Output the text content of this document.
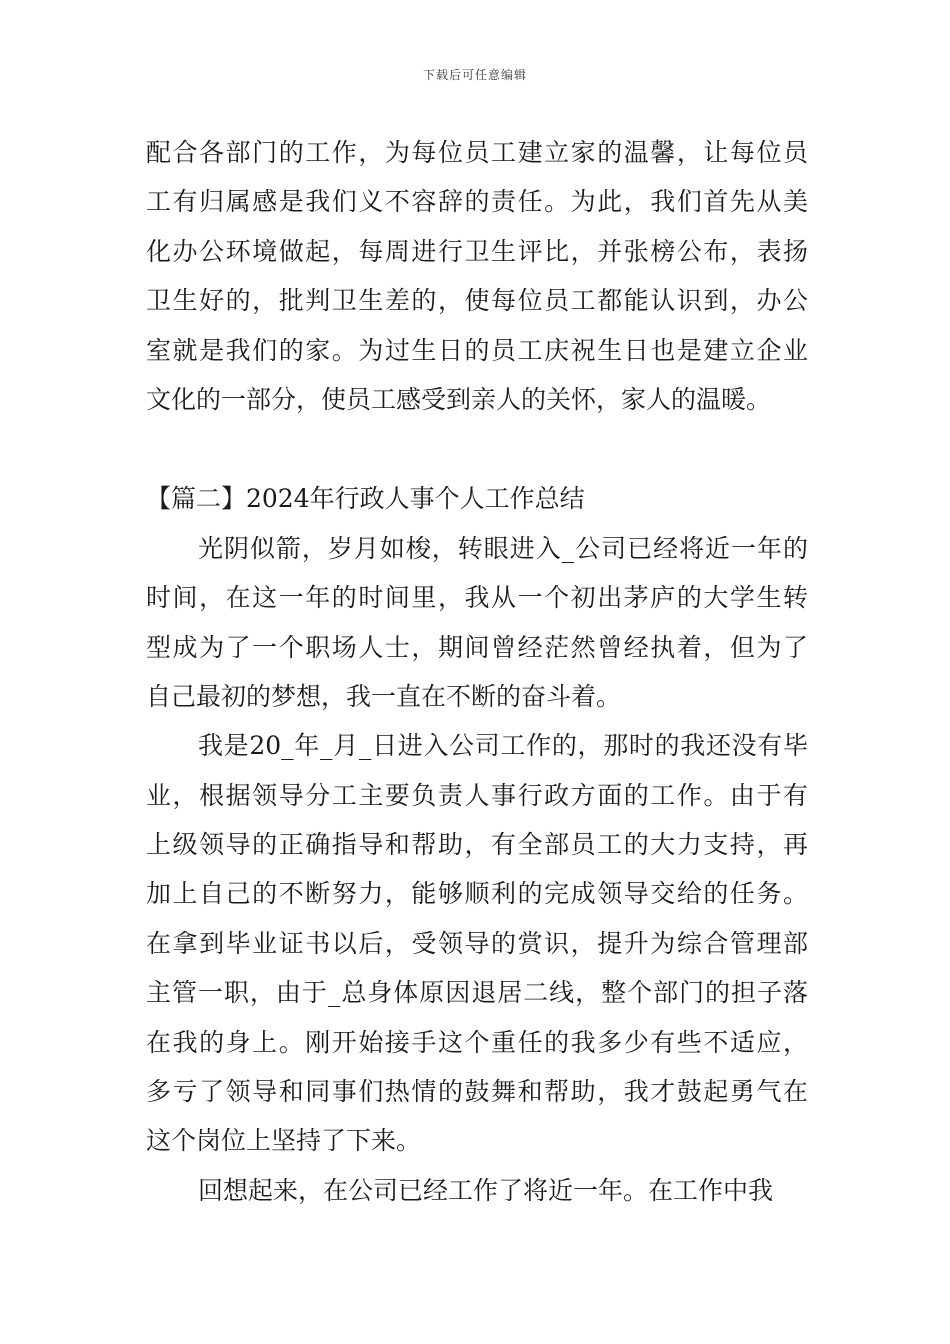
下载后可任意编辑
配合各部门的工作，为每位员工建立家的温馨，让每位员
工有归属感是我们义不容辞的责任。为此，我们首先从美
化办公环境做起，每周进行卫生评比，并张榜公布，表扬
卫生好的，批判卫生差的，使每位员工都能认识到，办公
室就是我们的家。为过生日的员工庆祝生日也是建立企业
文化的一部分，使员工感受到亲人的关怀，家人的温暖。
【篇二】2024年行政人事个人工作总结
光阴似箭，岁月如梭，转眼进入_公司已经将近一年的
时间，在这一年的时间里，我从一个初出茅庐的大学生转
型成为了一个职场人士，期间曾经茫然曾经执着，但为了
自己最初的梦想，我一直在不断的奋斗着。
我是20_年_月_日进入公司工作的，那时的我还没有毕
业，根据领导分工主要负责人事行政方面的工作。由于有
上级领导的正确指导和帮助，有全部员工的大力支持，再
加上自己的不断努力，能够顺利的完成领导交给的任务。
在拿到毕业证书以后，受领导的赏识，提升为综合管理部
主管一职，由于_总身体原因退居二线，整个部门的担子落
在我的身上。刚开始接手这个重任的我多少有些不适应，
多亏了领导和同事们热情的鼓舞和帮助，我才鼓起勇气在
这个岗位上坚持了下来。
回想起来，在公司已经工作了将近一年。在工作中我
